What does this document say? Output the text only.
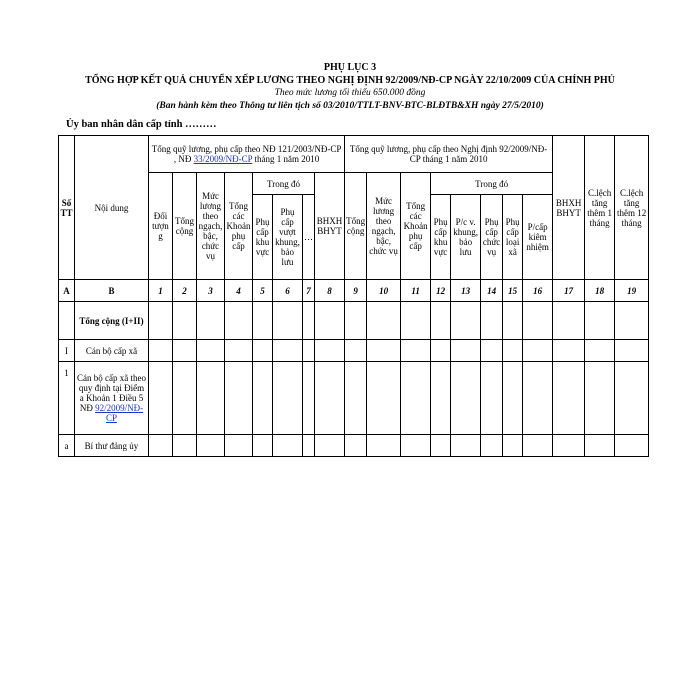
PHỤ LỤC 3
TỔNG HỢP KẾT QUẢ CHUYỂN XẾP LƯƠNG THEO NGHỊ ĐỊNH 92/2009/NĐ-CP NGÀY 22/10/2009 CỦA CHÍNH PHỦ
Theo mức lương tối thiểu 650.000 đồng
(Ban hành kèm theo Thông tư liên tịch số 03/2010/TTLT-BNV-BTC-BLĐTB&XH ngày 27/5/2010)
Ủy ban nhân dân cấp tỉnh ………
Số TT	Nội dung	Tổng quỹ lương, phụ cấp theo NĐ 121/2003/NĐ-CP , NĐ 33/2009/NĐ-CP tháng 1 năm 2010								Tổng quỹ lương, phụ cấp theo Nghị định 92/2009/NĐ-CP tháng 1 năm 2010								BHXH BHYT	C.lệch tăng thêm 1 tháng	C.lệch tăng thêm 12 tháng
		Đối tượng	Tổng cộng	Mức lương theo ngạch, bậc, chức vụ	Tổng các Khoản phụ cấp	Trong đó			BHXH BHYT	Tổng cộng	Mức lương theo ngạch, bậc, chức vụ	Tổng các Khoản phụ cấp	Trong đó							
						Phụ cấp khu vực	Phụ cấp vượt khung, bảo lưu	…					Phụ cấp khu vực	P/c v. khung, bảo lưu	Phụ cấp chức vụ	Phụ cấp loại xã	P/cấp kiêm nhiệm			
A	B	1	2	3	4	5	6	7	8	9	10	11	12	13	14	15	16	17	18	19
	Tổng cộng (I+II)																			
I	Cán bộ cấp xã																			
1	Cán bộ cấp xã theo quy định tại Điểm a Khoản 1 Điều 5 NĐ 92/2009/NĐ-CP																			
a	Bí thư đảng ủy																			
